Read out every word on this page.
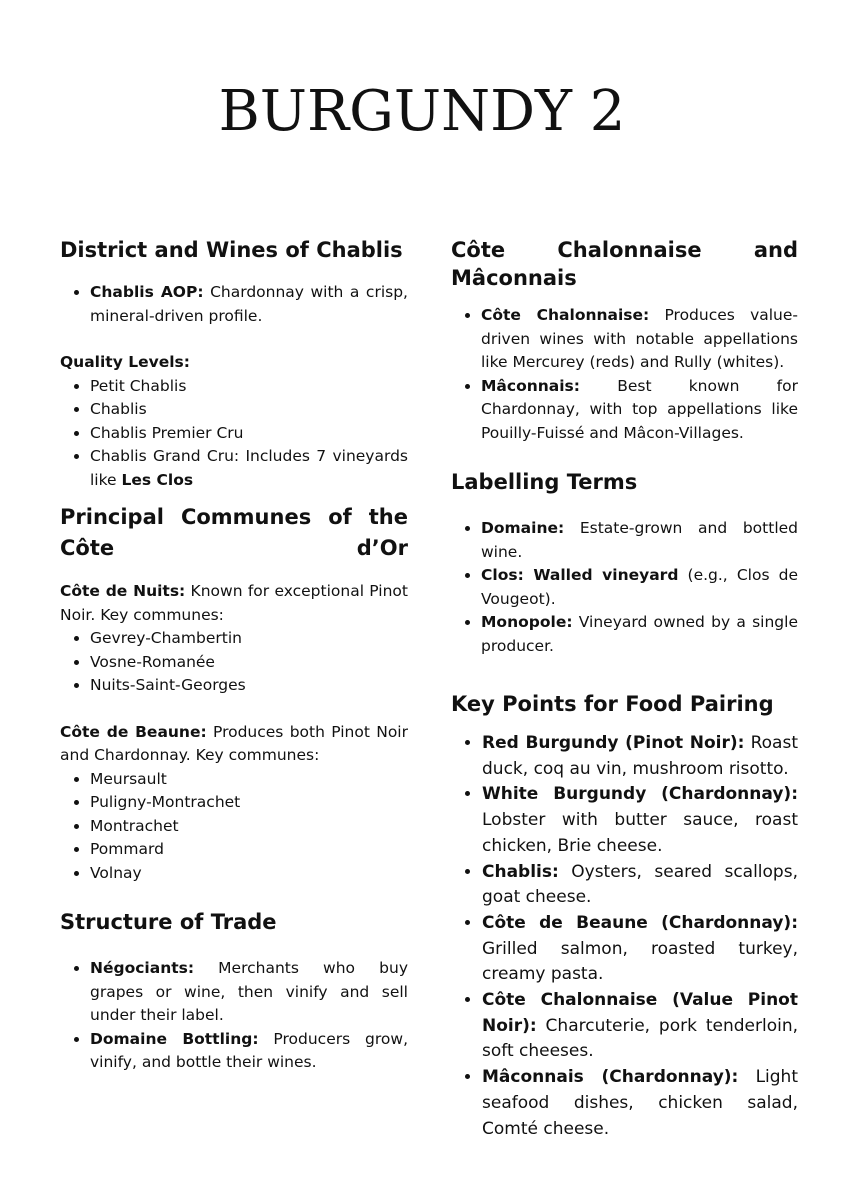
BURGUNDY 2
District and Wines of Chablis
• Chablis AOP: Chardonnay with a crisp, mineral-driven profile.

Quality Levels:

• Petit Chablis
• Chablis
• Chablis Premier Cru
• Chablis Grand Cru: Includes 7 vineyards like Les Clos
Principal Communes of the Côte d’Or

Côte de Nuits: Known for exceptional Pinot Noir. Key communes:

• Gevrey-Chambertin
• Vosne-Romanée
• Nuits-Saint-Georges

Côte de Beaune: Produces both Pinot Noir and Chardonnay. Key communes:

• Meursault
• Puligny-Montrachet
• Montrachet
• Pommard
• Volnay
Structure of Trade
• Négociants: Merchants who buy grapes or wine, then vinify and sell under their label.
• Domaine Bottling: Producers grow, vinify, and bottle their wines.
Côte Chalonnaise and Mâconnais
• Côte Chalonnaise: Produces value-driven wines with notable appellations like Mercurey (reds) and Rully (whites).
• Mâconnais: Best known for Chardonnay, with top appellations like Pouilly-Fuissé and Mâcon-Villages.
Labelling Terms
• Domaine: Estate-grown and bottled wine.
• Clos: Walled vineyard (e.g., Clos de Vougeot).
• Monopole: Vineyard owned by a single producer.
Key Points for Food Pairing
• Red Burgundy (Pinot Noir): Roast duck, coq au vin, mushroom risotto.
• White Burgundy (Chardonnay): Lobster with butter sauce, roast chicken, Brie cheese.
• Chablis: Oysters, seared scallops, goat cheese.
• Côte de Beaune (Chardonnay): Grilled salmon, roasted turkey, creamy pasta.
• Côte Chalonnaise (Value Pinot Noir): Charcuterie, pork tenderloin, soft cheeses.
• Mâconnais (Chardonnay): Light seafood dishes, chicken salad, Comté cheese.
